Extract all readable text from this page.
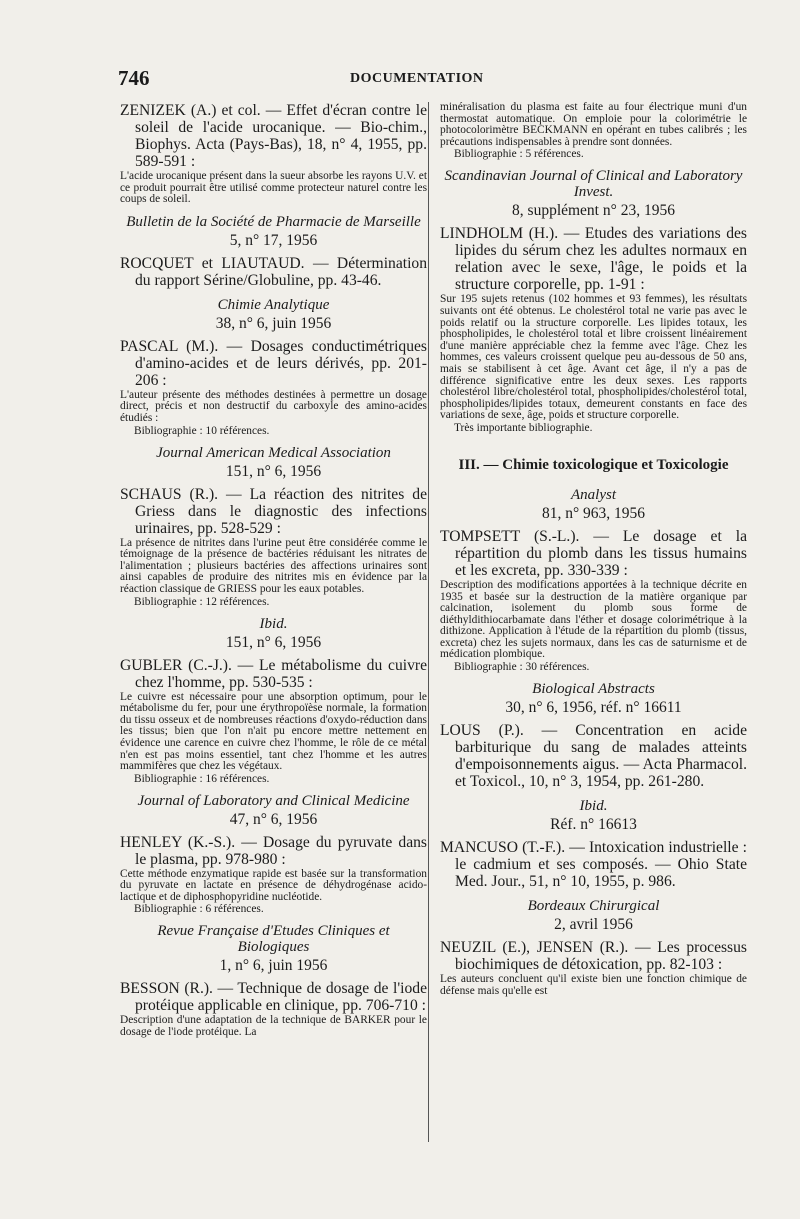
746	DOCUMENTATION
ZENIZEK (A.) et col. — Effet d'écran contre le soleil de l'acide urocanique. — Bio-chim., Biophys. Acta (Pays-Bas), 18, n° 4, 1955, pp. 589-591 :
L'acide urocanique présent dans la sueur absorbe les rayons U.V. et ce produit pourrait être utilisé comme protecteur naturel contre les coups de soleil.
Bulletin de la Société de Pharmacie de Marseille
5, n° 17, 1956
ROCQUET et LIAUTAUD. — Détermination du rapport Sérine/Globuline, pp. 43-46.
Chimie Analytique
38, n° 6, juin 1956
PASCAL (M.). — Dosages conductimétriques d'amino-acides et de leurs dérivés, pp. 201-206 :
L'auteur présente des méthodes destinées à permettre un dosage direct, précis et non destructif du carboxyle des amino-acides étudiés :
Bibliographie : 10 références.
Journal American Medical Association
151, n° 6, 1956
SCHAUS (R.). — La réaction des nitrites de Griess dans le diagnostic des infections urinaires, pp. 528-529 :
La présence de nitrites dans l'urine peut être considérée comme le témoignage de la présence de bactéries réduisant les nitrates de l'alimentation ; plusieurs bactéries des affections urinaires sont ainsi capables de produire des nitrites mis en évidence par la réaction classique de GRIESS pour les eaux potables.
Bibliographie : 12 références.
Ibid.
151, n° 6, 1956
GUBLER (C.-J.). — Le métabolisme du cuivre chez l'homme, pp. 530-535 :
Le cuivre est nécessaire pour une absorption optimum, pour le métabolisme du fer, pour une érythropoïèse normale, la formation du tissu osseux et de nombreuses réactions d'oxydo-réduction dans les tissus; bien que l'on n'ait pu encore mettre nettement en évidence une carence en cuivre chez l'homme, le rôle de ce métal n'en est pas moins essentiel, tant chez l'homme et les autres mammifères que chez les végétaux.
Bibliographie : 16 références.
Journal of Laboratory and Clinical Medicine
47, n° 6, 1956
HENLEY (K.-S.). — Dosage du pyruvate dans le plasma, pp. 978-980 :
Cette méthode enzymatique rapide est basée sur la transformation du pyruvate en lactate en présence de déhydrogénase acido-lactique et de diphosphopyridine nucléotide.
Bibliographie : 6 références.
Revue Française d'Etudes Cliniques et Biologiques
1, n° 6, juin 1956
BESSON (R.). — Technique de dosage de l'iode protéique applicable en clinique, pp. 706-710 :
Description d'une adaptation de la technique de BARKER pour le dosage de l'iode protéique. La
minéralisation du plasma est faite au four électrique muni d'un thermostat automatique. On emploie pour la colorimétrie le photocolorimètre BECKMANN en opérant en tubes calibrés ; les précautions indispensables à prendre sont données.
Bibliographie : 5 références.
Scandinavian Journal of Clinical and Laboratory Invest.
8, supplément n° 23, 1956
LINDHOLM (H.). — Etudes des variations des lipides du sérum chez les adultes normaux en relation avec le sexe, l'âge, le poids et la structure corporelle, pp. 1-91 :
Sur 195 sujets retenus (102 hommes et 93 femmes), les résultats suivants ont été obtenus. Le cholestérol total ne varie pas avec le poids relatif ou la structure corporelle. Les lipides totaux, les phospholipides, le cholestérol total et libre croissent linéairement d'une manière appréciable chez la femme avec l'âge. Chez les hommes, ces valeurs croissent quelque peu au-dessous de 50 ans, mais se stabilisent à cet âge. Avant cet âge, il n'y a pas de différence significative entre les deux sexes. Les rapports cholestérol libre/cholestérol total, phospholipides/cholestérol total, phospholipides/lipides totaux, demeurent constants en face des variations de sexe, âge, poids et structure corporelle.
Très importante bibliographie.
III. — Chimie toxicologique et Toxicologie
Analyst
81, n° 963, 1956
TOMPSETT (S.-L.). — Le dosage et la répartition du plomb dans les tissus humains et les excreta, pp. 330-339 :
Description des modifications apportées à la technique décrite en 1935 et basée sur la destruction de la matière organique par calcination, isolement du plomb sous forme de diéthyldithiocarbamate dans l'éther et dosage colorimétrique à la dithizone. Application à l'étude de la répartition du plomb (tissus, excreta) chez les sujets normaux, dans les cas de saturnisme et de médication plombique.
Bibliographie : 30 références.
Biological Abstracts
30, n° 6, 1956, réf. n° 16611
LOUS (P.). — Concentration en acide barbiturique du sang de malades atteints d'empoisonnements aigus. — Acta Pharmacol. et Toxicol., 10, n° 3, 1954, pp. 261-280.
Ibid.
Réf. n° 16613
MANCUSO (T.-F.). — Intoxication industrielle : le cadmium et ses composés. — Ohio State Med. Jour., 51, n° 10, 1955, p. 986.
Bordeaux Chirurgical
2, avril 1956
NEUZIL (E.), JENSEN (R.). — Les processus biochimiques de détoxication, pp. 82-103 :
Les auteurs concluent qu'il existe bien une fonction chimique de défense mais qu'elle est
